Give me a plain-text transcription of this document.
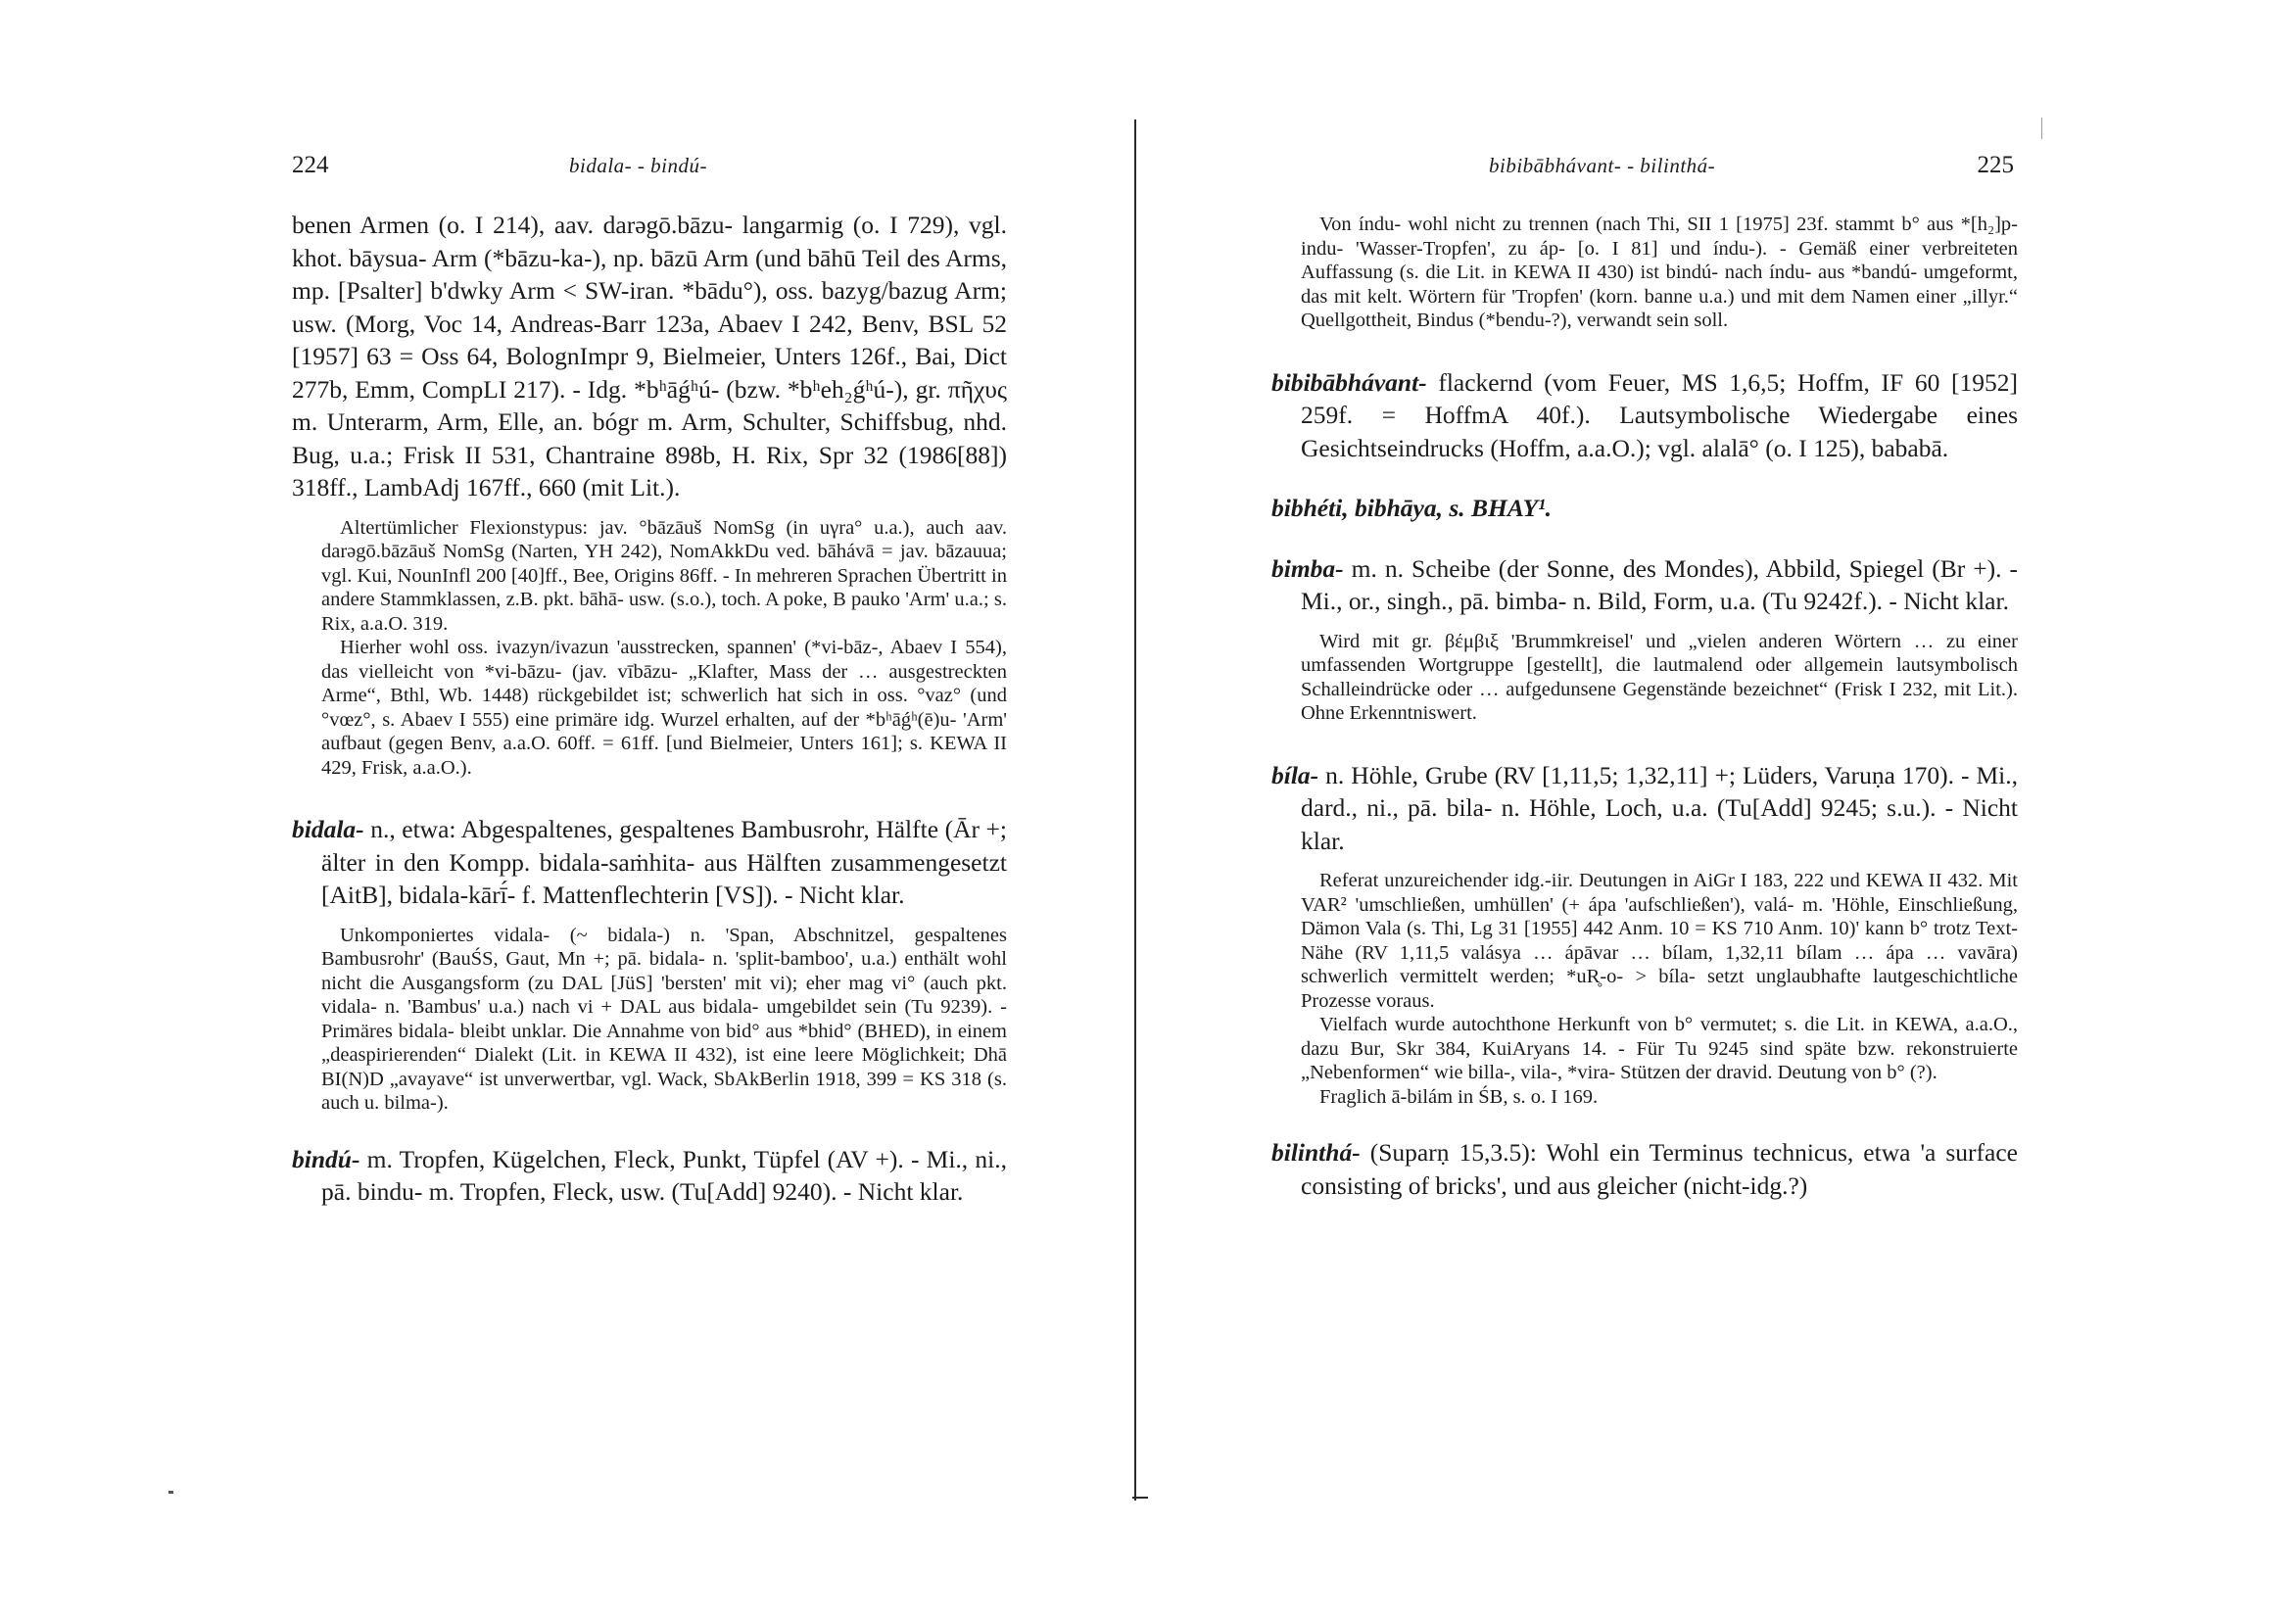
224	bidala- - bindú-

benen Armen (o. I 214), aav. darəgō.bāzu- langarmig (o. I 729), vgl. khot. bāysua- Arm (*bāzu-ka-), np. bāzū Arm (und bāhū Teil des Arms, mp. [Psalter] b'dwky Arm < SW-iran. *bādu°), oss. bazyg/bazug Arm; usw. (Morg, Voc 14, Andreas-Barr 123a, Abaev I 242, Benv, BSL 52 [1957] 63 = Oss 64, BolognImpr 9, Bielmeier, Unters 126f., Bai, Dict 277b, Emm, CompLI 217). - Idg. *bʰāǵʰú- (bzw. *bʰeh₂ǵʰú-), gr. πῆχυς m. Unterarm, Arm, Elle, an. bógr m. Arm, Schulter, Schiffsbug, nhd. Bug, u.a.; Frisk II 531, Chantraine 898b, H. Rix, Spr 32 (1986[88]) 318ff., LambAdj 167ff., 660 (mit Lit.).

Altertümlicher Flexionstypus: jav. °bāzāuš NomSg (in uγra° u.a.), auch aav. darəgō.bāzāuš NomSg (Narten, YH 242), NomAkkDu ved. bāhávā = jav. bāzauua; vgl. Kui, NounInfl 200 [40]ff., Bee, Origins 86ff. - In mehreren Sprachen Übertritt in andere Stammklassen, z.B. pkt. bāhā- usw. (s.o.), toch. A poke, B pauko 'Arm' u.a.; s. Rix, a.a.O. 319.

Hierher wohl oss. ivazyn/ivazun 'ausstrecken, spannen' (*vi-bāz-, Abaev I 554), das vielleicht von *vi-bāzu- (jav. vībāzu- „Klafter, Mass der … ausgestreckten Arme“, Bthl, Wb. 1448) rückgebildet ist; schwerlich hat sich in oss. °vaz° (und °vœz°, s. Abaev I 555) eine primäre idg. Wurzel erhalten, auf der *bʰāǵʰ(ē)u- 'Arm' aufbaut (gegen Benv, a.a.O. 60ff. = 61ff. [und Bielmeier, Unters 161]; s. KEWA II 429, Frisk, a.a.O.).

bidala- n., etwa: Abgespaltenes, gespaltenes Bambusrohr, Hälfte (Ār +; älter in den Kompp. bidala-saṁhita- aus Hälften zusammengesetzt [AitB], bidala-kārī́- f. Mattenflechterin [VS]). - Nicht klar.

Unkomponiertes vidala- (~ bidala-) n. 'Span, Abschnitzel, gespaltenes Bambusrohr' (BauŚS, Gaut, Mn +; pā. bidala- n. 'split-bamboo', u.a.) enthält wohl nicht die Ausgangsform (zu DAL [JüS] 'bersten' mit vi); eher mag vi° (auch pkt. vidala- n. 'Bambus' u.a.) nach vi + DAL aus bidala- umgebildet sein (Tu 9239). - Primäres bidala- bleibt unklar. Die Annahme von bid° aus *bhid° (BHED), in einem „deaspirierenden“ Dialekt (Lit. in KEWA II 432), ist eine leere Möglichkeit; Dhā BI(N)D „avayave“ ist unverwertbar, vgl. Wack, SbAkBerlin 1918, 399 = KS 318 (s. auch u. bilma-).

bindú- m. Tropfen, Kügelchen, Fleck, Punkt, Tüpfel (AV +). - Mi., ni., pā. bindu- m. Tropfen, Fleck, usw. (Tu[Add] 9240). - Nicht klar.

bibibābhávant- - bilinthá-	225

Von índu- wohl nicht zu trennen (nach Thi, SII 1 [1975] 23f. stammt b° aus *[h₂]p-indu- 'Wasser-Tropfen', zu áp- [o. I 81] und índu-). - Gemäß einer verbreiteten Auffassung (s. die Lit. in KEWA II 430) ist bindú- nach índu- aus *bandú- umgeformt, das mit kelt. Wörtern für 'Tropfen' (korn. banne u.a.) und mit dem Namen einer „illyr.“ Quellgottheit, Bindus (*bendu-?), verwandt sein soll.

bibibābhávant- flackernd (vom Feuer, MS 1,6,5; Hoffm, IF 60 [1952] 259f. = HoffmA 40f.). Lautsymbolische Wiedergabe eines Gesichtseindrucks (Hoffm, a.a.O.); vgl. alalā° (o. I 125), bababā.

bibhéti, bibhāya, s. BHAY¹.

bimba- m. n. Scheibe (der Sonne, des Mondes), Abbild, Spiegel (Br +). - Mi., or., singh., pā. bimba- n. Bild, Form, u.a. (Tu 9242f.). - Nicht klar.

Wird mit gr. βέμβιξ 'Brummkreisel' und „vielen anderen Wörtern … zu einer umfassenden Wortgruppe [gestellt], die lautmalend oder allgemein lautsymbolisch Schalleindrücke oder … aufgedunsene Gegenstände bezeichnet“ (Frisk I 232, mit Lit.). Ohne Erkenntniswert.

bíla- n. Höhle, Grube (RV [1,11,5; 1,32,11] +; Lüders, Varuṇa 170). - Mi., dard., ni., pā. bila- n. Höhle, Loch, u.a. (Tu[Add] 9245; s.u.). - Nicht klar.

Referat unzureichender idg.-iir. Deutungen in AiGr I 183, 222 und KEWA II 432. Mit VAR² 'umschließen, umhüllen' (+ ápa 'aufschließen'), valá- m. 'Höhle, Einschließung, Dämon Vala (s. Thi, Lg 31 [1955] 442 Anm. 10 = KS 710 Anm. 10)' kann b° trotz Text-Nähe (RV 1,11,5 valásya … ápāvar … bílam, 1,32,11 bílam … ápa … vavāra) schwerlich vermittelt werden; *uR̥-o- > bíla- setzt unglaubhafte lautgeschichtliche Prozesse voraus.

Vielfach wurde autochthone Herkunft von b° vermutet; s. die Lit. in KEWA, a.a.O., dazu Bur, Skr 384, KuiAryans 14. - Für Tu 9245 sind späte bzw. rekonstruierte „Nebenformen“ wie billa-, vila-, *vira- Stützen der dravid. Deutung von b° (?).

Fraglich ā-bilám in ŚB, s. o. I 169.

bilinthá- (Suparṇ 15,3.5): Wohl ein Terminus technicus, etwa 'a surface consisting of bricks', und aus gleicher (nicht-idg.?)
